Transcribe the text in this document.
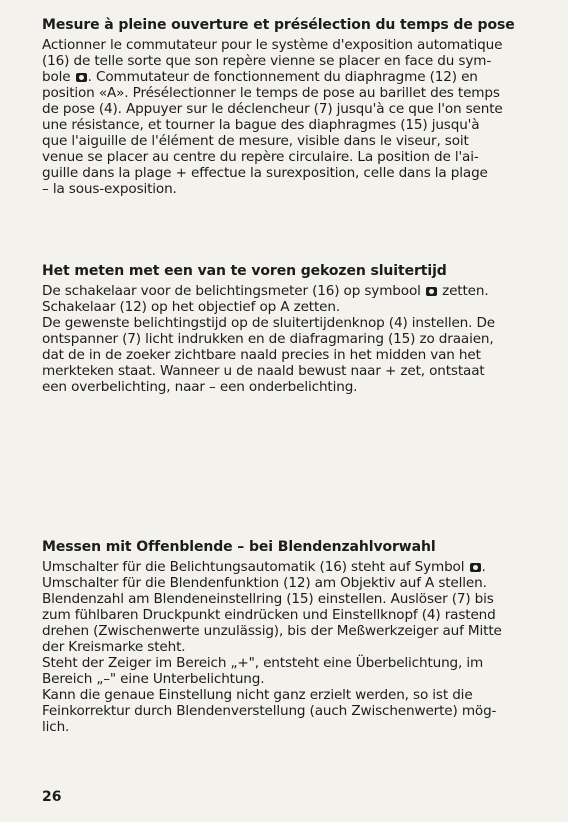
Mesure à pleine ouverture et présélection du temps de pose
Actionner le commutateur pour le système d'exposition automatique
(16) de telle sorte que son repère vienne se placer en face du sym-
bole . Commutateur de fonctionnement du diaphragme (12) en
position «A». Présélectionner le temps de pose au barillet des temps
de pose (4). Appuyer sur le déclencheur (7) jusqu'à ce que l'on sente
une résistance, et tourner la bague des diaphragmes (15) jusqu'à
que l'aiguille de l'élément de mesure, visible dans le viseur, soit
venue se placer au centre du repère circulaire. La position de l'ai-
guille dans la plage + effectue la surexposition, celle dans la plage
– la sous-exposition.
Het meten met een van te voren gekozen sluitertijd
De schakelaar voor de belichtingsmeter (16) op symbool zetten.
Schakelaar (12) op het objectief op A zetten.
De gewenste belichtingstijd op de sluitertijdenknop (4) instellen. De
ontspanner (7) licht indrukken en de diafragmaring (15) zo draaien,
dat de in de zoeker zichtbare naald precies in het midden van het
merkteken staat. Wanneer u de naald bewust naar + zet, ontstaat
een overbelichting, naar – een onderbelichting.
Messen mit Offenblende – bei Blendenzahlvorwahl
Umschalter für die Belichtungsautomatik (16) steht auf Symbol .
Umschalter für die Blendenfunktion (12) am Objektiv auf A stellen.
Blendenzahl am Blendeneinstellring (15) einstellen. Auslöser (7) bis
zum fühlbaren Druckpunkt eindrücken und Einstellknopf (4) rastend
drehen (Zwischenwerte unzulässig), bis der Meßwerkzeiger auf Mitte
der Kreismarke steht.
Steht der Zeiger im Bereich „+", entsteht eine Überbelichtung, im
Bereich „–" eine Unterbelichtung.
Kann die genaue Einstellung nicht ganz erzielt werden, so ist die
Feinkorrektur durch Blendenverstellung (auch Zwischenwerte) mög-
lich.
26
